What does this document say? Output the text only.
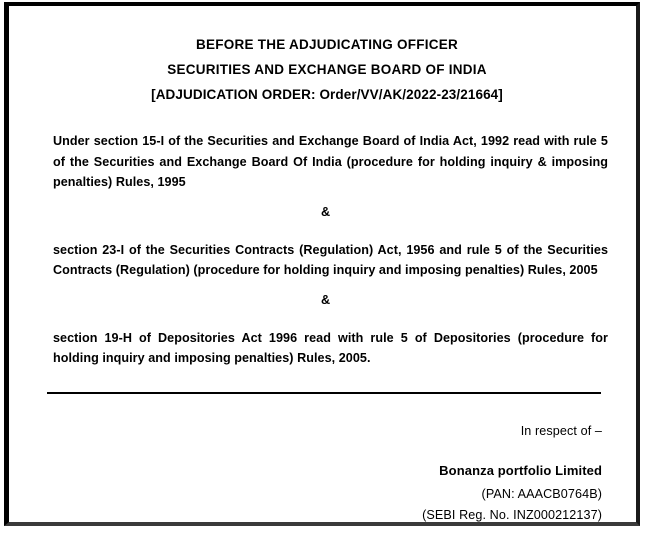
BEFORE THE ADJUDICATING OFFICER
SECURITIES AND EXCHANGE BOARD OF INDIA
[ADJUDICATION ORDER: Order/VV/AK/2022-23/21664]

Under section 15-I of the Securities and Exchange Board of India Act, 1992 read with rule 5 of the Securities and Exchange Board Of India (procedure for holding inquiry & imposing penalties) Rules, 1995

&

section 23-I of the Securities Contracts (Regulation) Act, 1956 and rule 5 of the Securities Contracts (Regulation) (procedure for holding inquiry and imposing penalties) Rules, 2005

&

section 19-H of Depositories Act 1996 read with rule 5 of Depositories (procedure for holding inquiry and imposing penalties) Rules, 2005.

In respect of –
Bonanza portfolio Limited
(PAN: AAACB0764B)
(SEBI Reg. No. INZ000212137)
